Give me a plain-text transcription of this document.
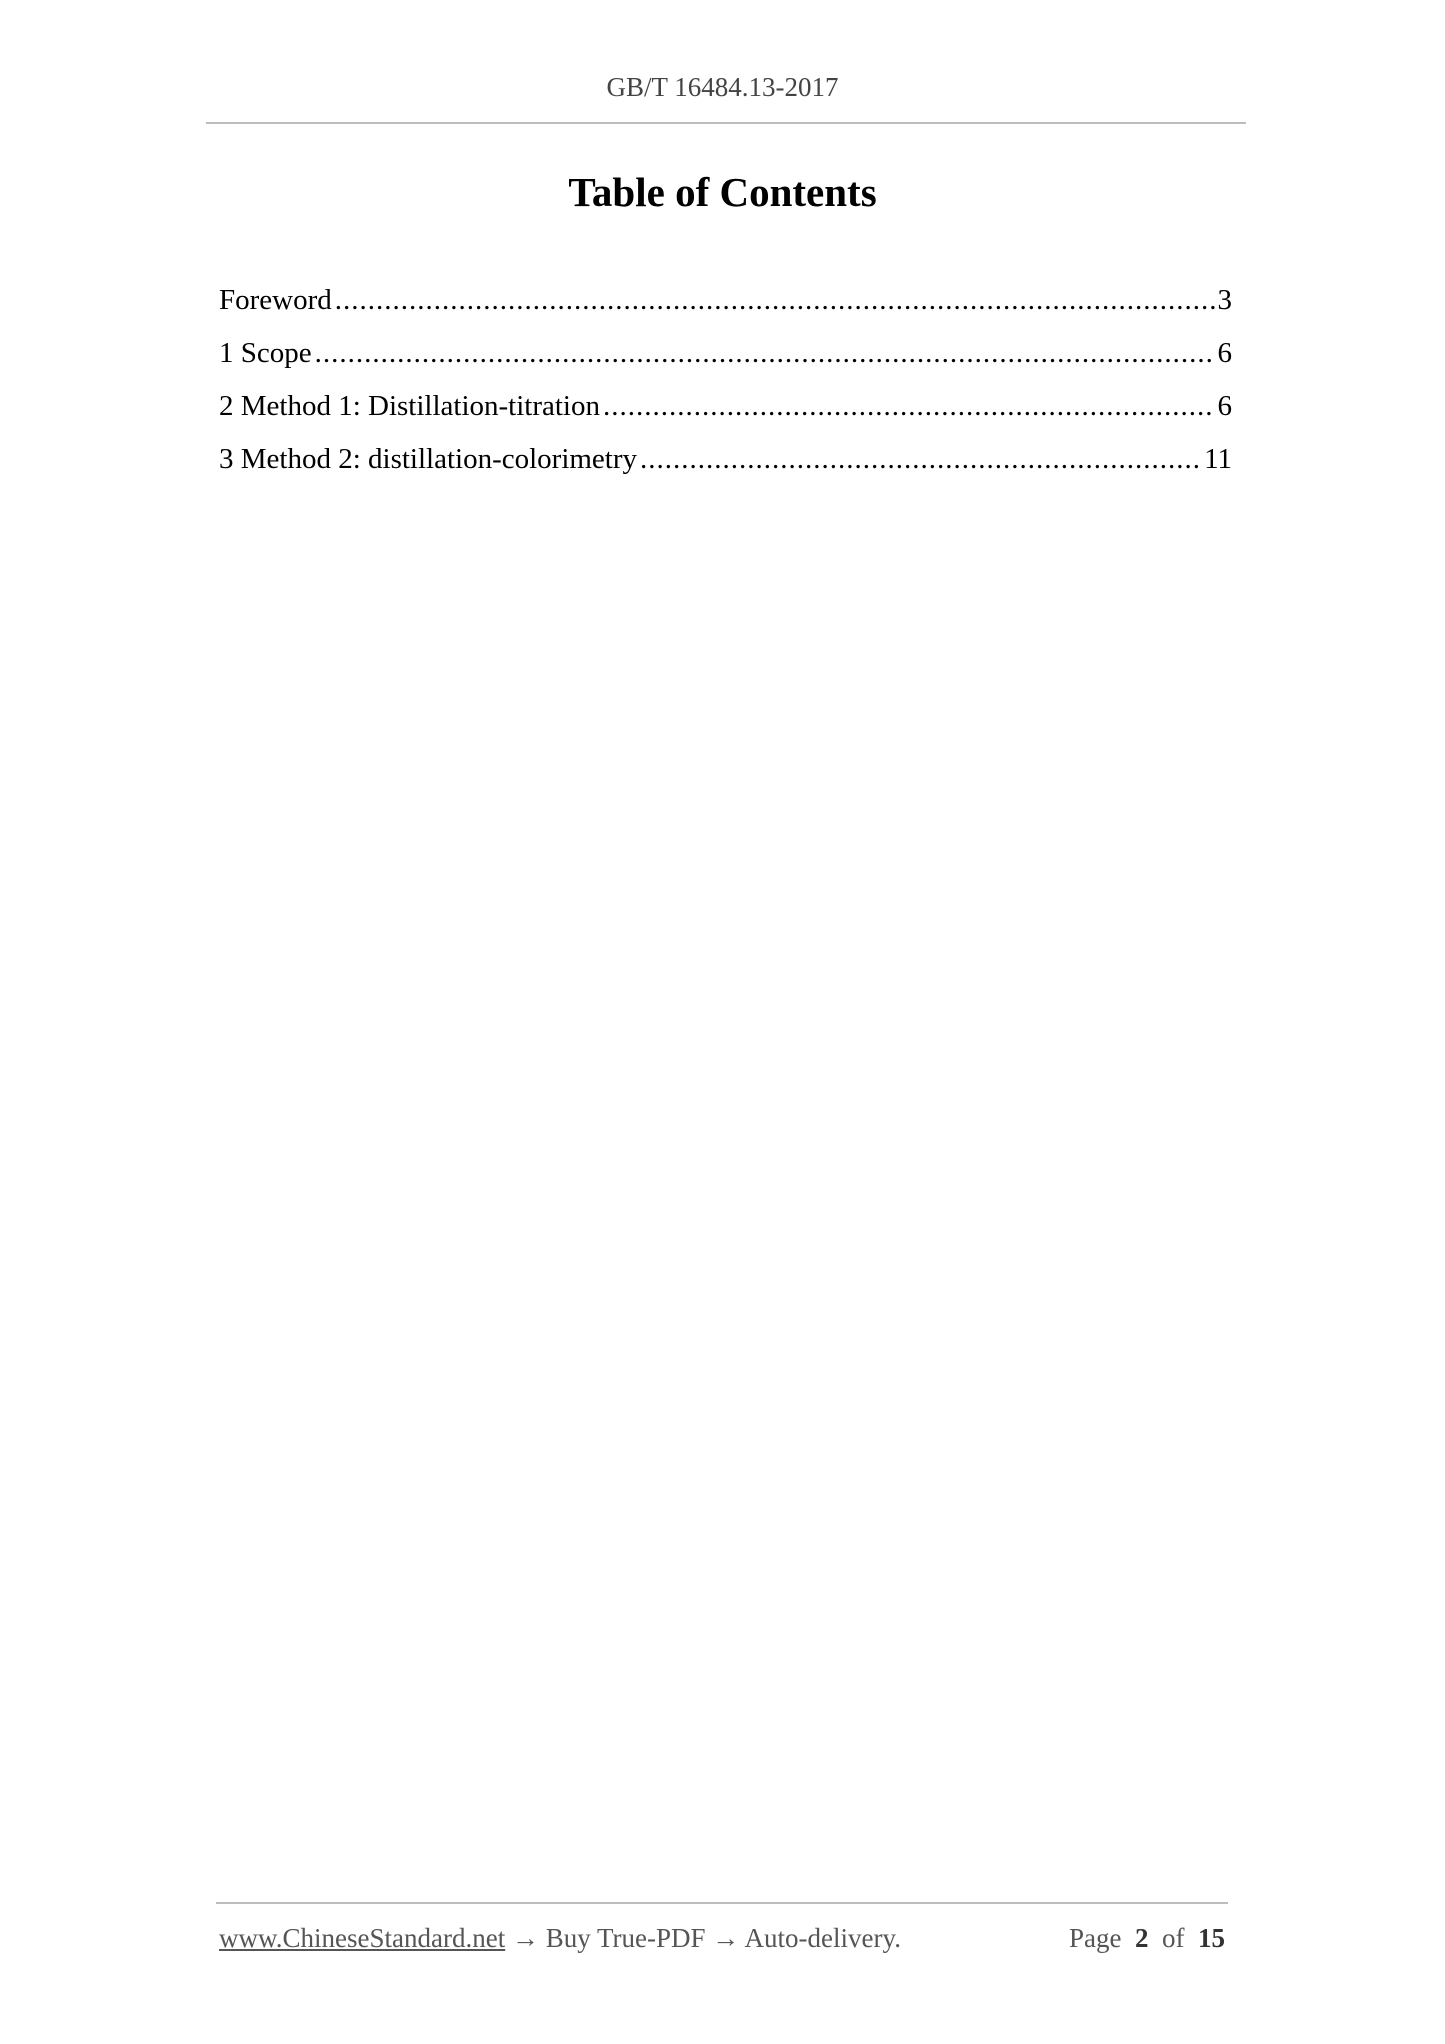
GB/T 16484.13-2017
Table of Contents
Foreword .....	3
1 Scope .....	6
2 Method 1: Distillation-titration .....	6
3 Method 2: distillation-colorimetry .....	11
www.ChineseStandard.net → Buy True-PDF → Auto-delivery.	Page 2 of 15
